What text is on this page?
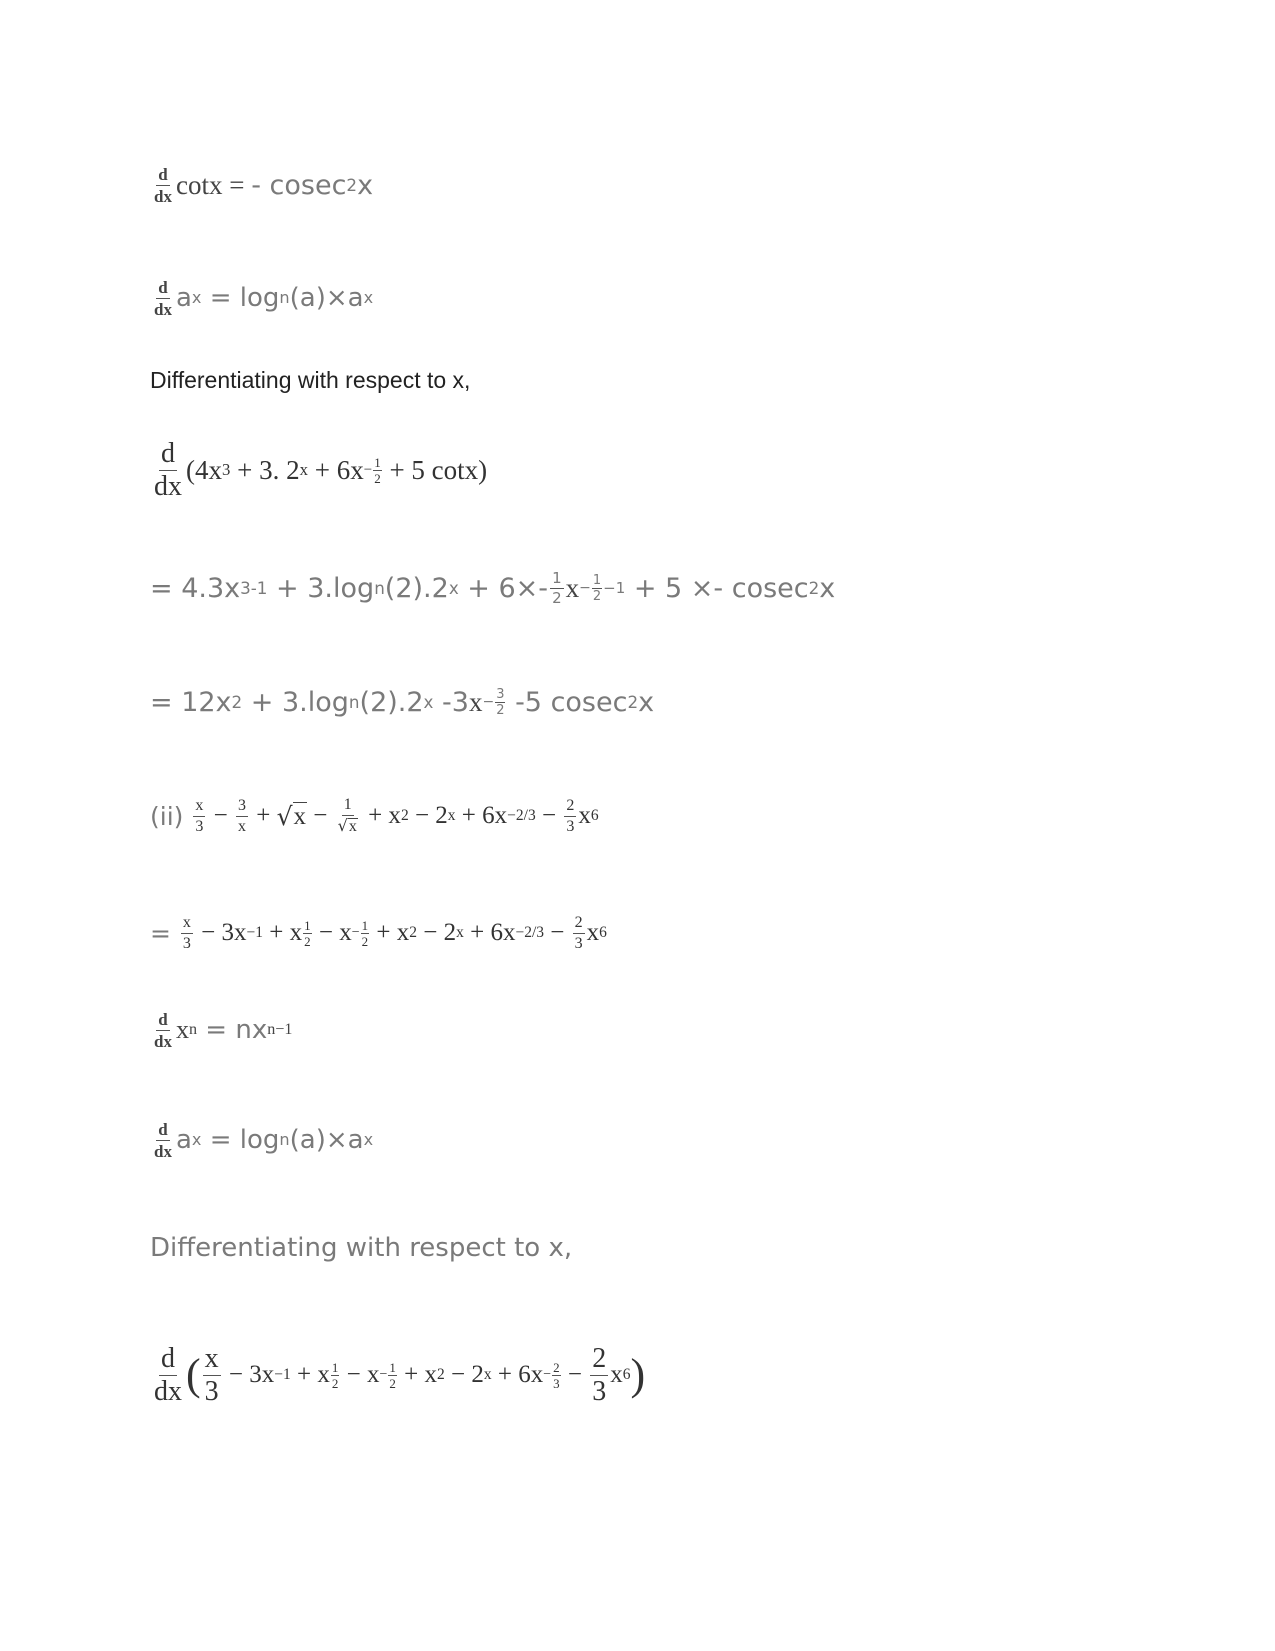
$\frac{d}{dx}$ cotx = - cosec 2 x
$\frac{d}{dx}$ a x = log n (a)×a x
Differentiating with respect to x,
$\frac{d}{dx} (4x$ 3 + 3. 2 $x + 6x - \frac{1}{2} + 5$ cotx)
= 4.3x 3-1 + 3.log n (2).2 $x + 6\times- \frac{1}{2}$ $x - \frac{1}{2} -1 + 5 \times- cosec$ 2 x
= 12x 2 + 3.log n (2).2 x -3 $x - \frac{3}{2} -5$ cosec 2 x
$(ii) \frac{x}{3} - \frac{3}{x}$ + √ $x - \frac{1}{√ x} + x$ 2 − 2 $x + 6x -2/3 - \frac{2}{3}$ x 6
= $\frac{x}{3} - 3x -1 + x \frac{1}{2} - x - \frac{1}{2} + x$ 2 − 2 $x + 6x -2/3 - \frac{2}{3}$ x 6
$\frac{d}{dx}$ x n = nx n−1
$\frac{d}{dx}$ a x = log n (a)×a x
Differentiating with respect to x,
$\frac{d}{dx}$ ( $\frac{x}{3} - 3x -1 + x \frac{1}{2} - x - \frac{1}{2} + x$ 2 − 2 $x + 6x - \frac{2}{3} - \frac{2}{3}$ x 6 )
